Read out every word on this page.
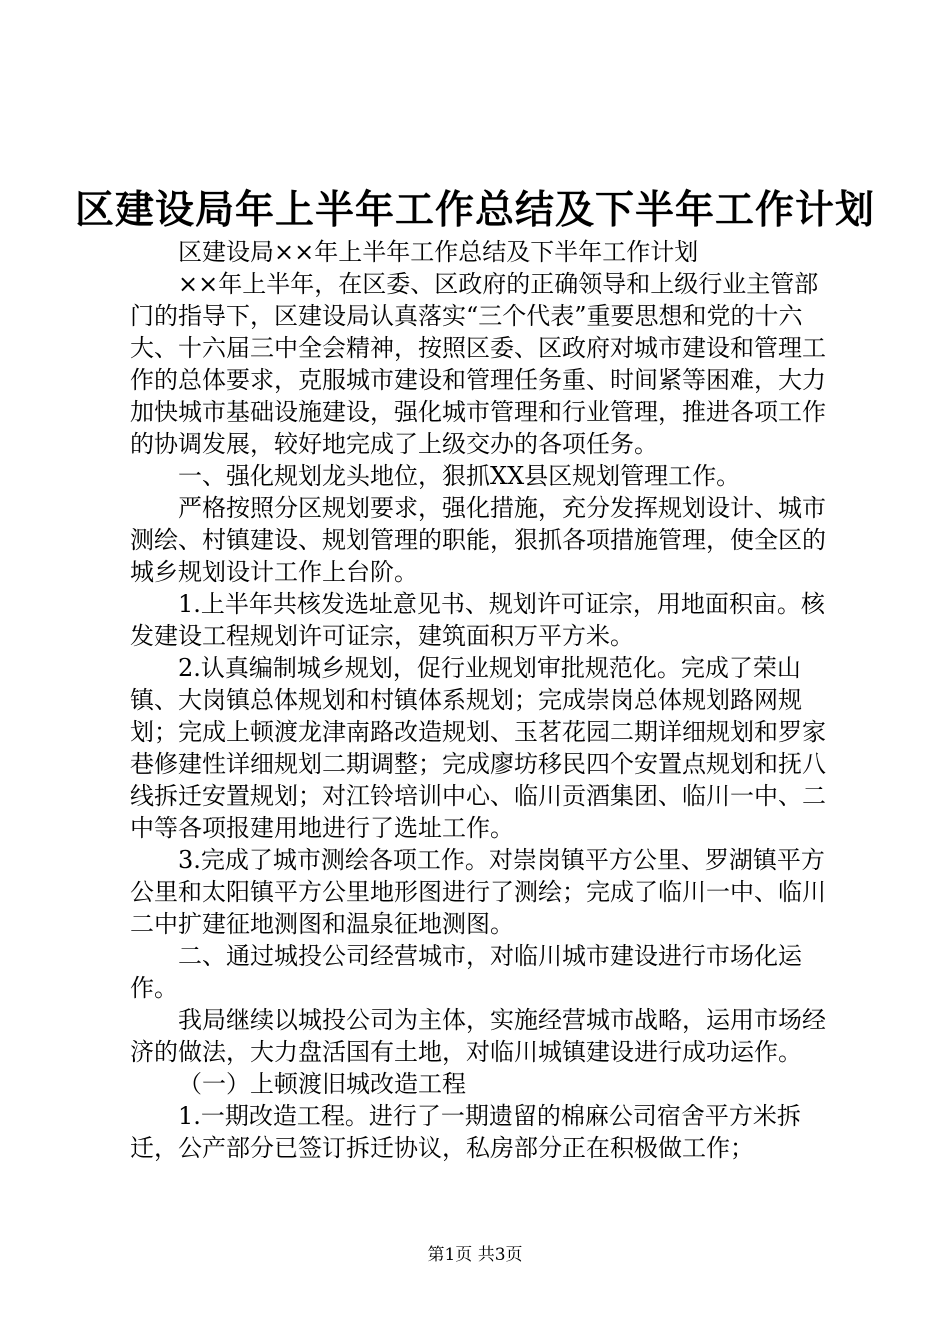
区建设局年上半年工作总结及下半年工作计划

区建设局××年上半年工作总结及下半年工作计划

××年上半年，在区委、区政府的正确领导和上级行业主管部门的指导下，区建设局认真落实“三个代表”重要思想和党的十六大、十六届三中全会精神，按照区委、区政府对城市建设和管理工作的总体要求，克服城市建设和管理任务重、时间紧等困难，大力加快城市基础设施建设，强化城市管理和行业管理，推进各项工作的协调发展，较好地完成了上级交办的各项任务。

一、强化规划龙头地位，狠抓XX县区规划管理工作。

严格按照分区规划要求，强化措施，充分发挥规划设计、城市测绘、村镇建设、规划管理的职能，狠抓各项措施管理，使全区的城乡规划设计工作上台阶。

1.上半年共核发选址意见书、规划许可证宗，用地面积亩。核发建设工程规划许可证宗，建筑面积万平方米。

2.认真编制城乡规划，促行业规划审批规范化。完成了荣山镇、大岗镇总体规划和村镇体系规划；完成崇岗总体规划路网规划；完成上顿渡龙津南路改造规划、玉茗花园二期详细规划和罗家巷修建性详细规划二期调整；完成廖坊移民四个安置点规划和抚八线拆迁安置规划；对江铃培训中心、临川贡酒集团、临川一中、二中等各项报建用地进行了选址工作。

3.完成了城市测绘各项工作。对崇岗镇平方公里、罗湖镇平方公里和太阳镇平方公里地形图进行了测绘；完成了临川一中、临川二中扩建征地测图和温泉征地测图。

二、通过城投公司经营城市，对临川城市建设进行市场化运作。

我局继续以城投公司为主体，实施经营城市战略，运用市场经济的做法，大力盘活国有土地，对临川城镇建设进行成功运作。

（一）上顿渡旧城改造工程

1.一期改造工程。进行了一期遗留的棉麻公司宿舍平方米拆迁，公产部分已签订拆迁协议，私房部分正在积极做工作；

第1页 共3页
